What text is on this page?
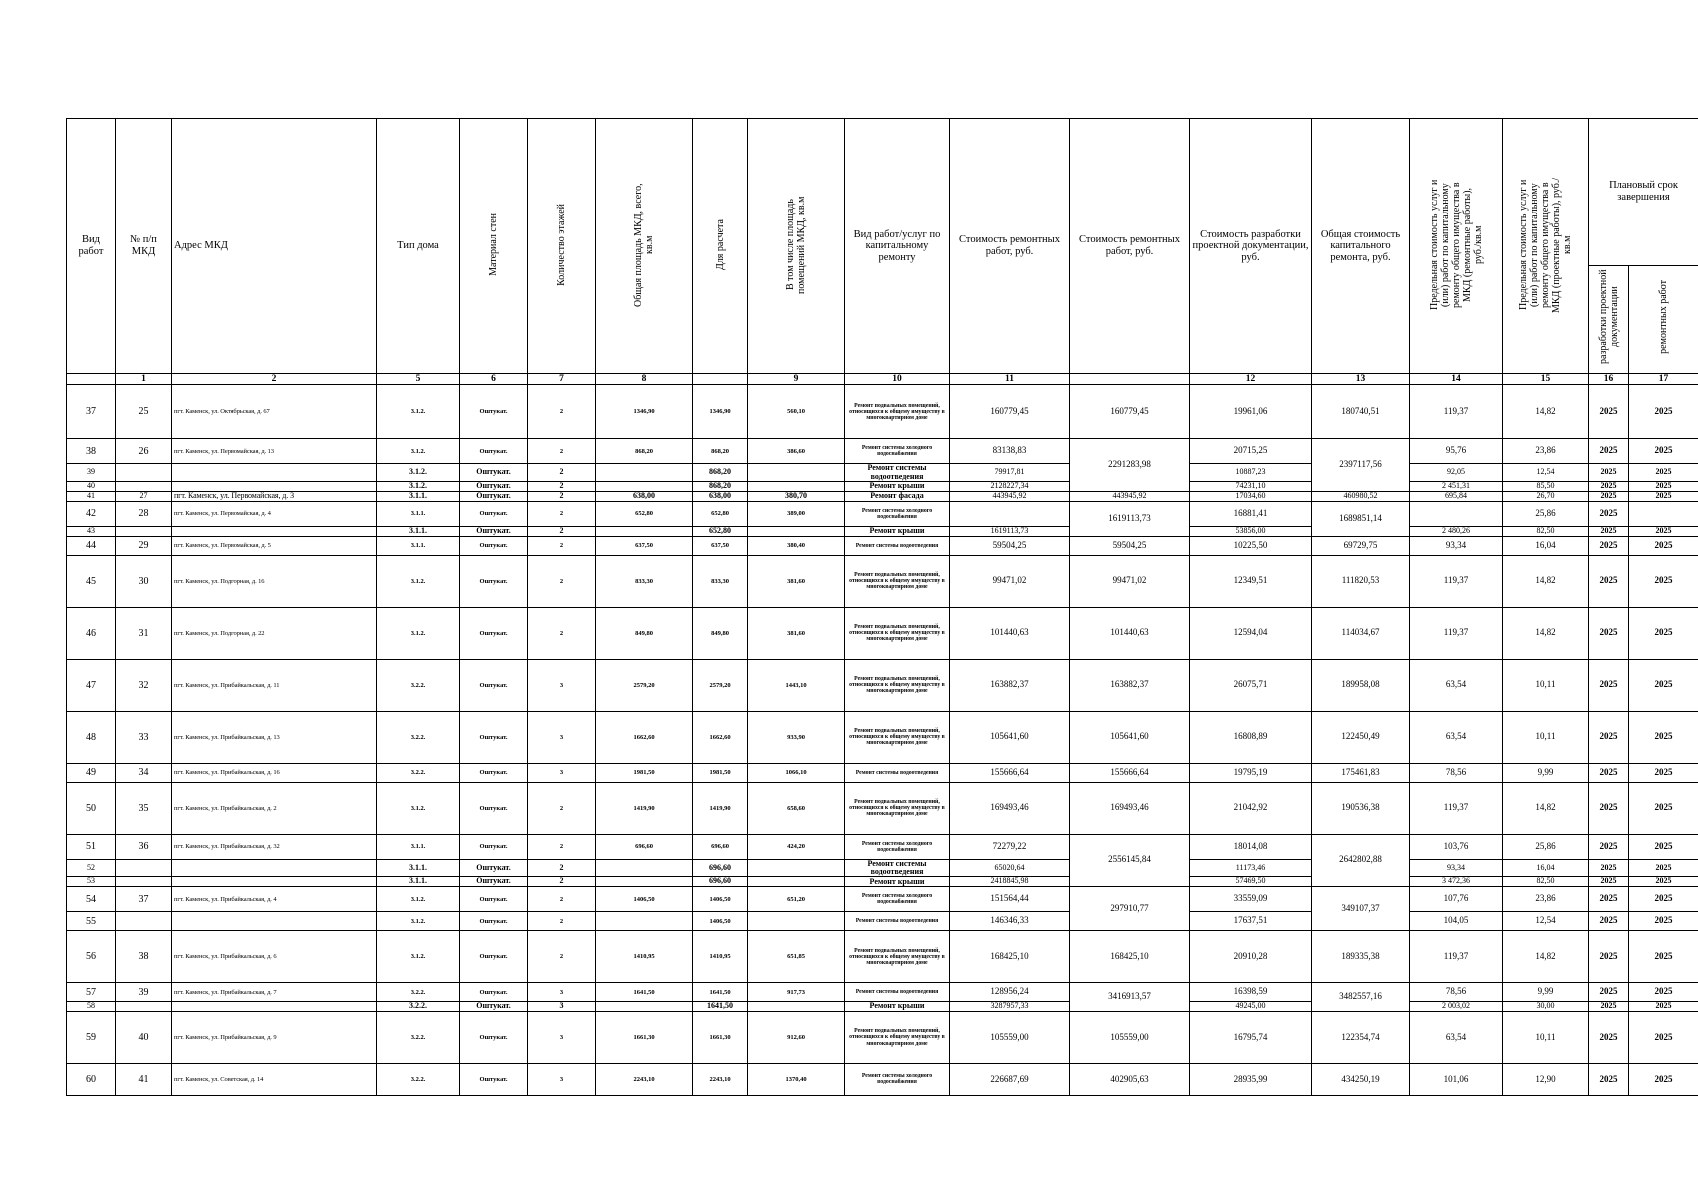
Вид работ	№ п/п МКД	Адрес МКД	Тип дома	Материал стен	Количество этажей	Общая площадь МКД, всего, кв.м	Для расчета	В том числе площадь помещений МКД, кв.м	Вид работ/услуг по капитальному ремонту	Стоимость ремонтных работ, руб.	Стоимость ремонтных работ, руб.	Стоимость разработки проектной документации, руб.	Общая стоимость капитального ремонта, руб.	Предельная стоимость услуг и (или) работ по капитальному ремонту общего имущества в МКД (ремонтные работы), руб./кв.м	Предельная стоимость услуг и (или) работ по капитальному ремонту общего имущества в МКД (проектные работы), руб./кв.м	Плановый срок завершения	
																разработки проектной документации	ремонтных работ
	1	2	5	6	7	8		9	10	11		12	13	14	15	16	17
37	25	пгт. Каменск, ул. Октябрьская, д. 67	3.1.2.	Оштукат.	2	1346,90	1346,90	560,10	Ремонт подвальных помещений, относящихся к общему имуществу в многоквартирном доме	160779,45	160779,45	19961,06	180740,51	119,37	14,82	2025	2025
38	26	пгт. Каменск, ул. Первомайская, д. 13	3.1.2.	Оштукат.	2	868,20	868,20	386,60	Ремонт системы холодного водоснабжения	83138,83	2291283,98	20715,25	2397117,56	95,76	23,86	2025	2025
39			3.1.2.	Оштукат.	2		868,20		Ремонт системы водоотведения	79917,81		10887,23		92,05	12,54	2025	2025
40			3.1.2.	Оштукат.	2		868,20		Ремонт крыши	2128227,34		74231,10		2 451,31	85,50	2025	2025
41	27	пгт. Каменск, ул. Первомайская, д. 3	3.1.1.	Оштукат.	2	638,00	638,00	380,70	Ремонт фасада	443945,92	443945,92	17034,60	460980,52	695,84	26,70	2025	2025
42	28	пгт. Каменск, ул. Первомайская, д. 4	3.1.1.	Оштукат.	2	652,80	652,80	389,00	Ремонт системы холодного водоснабжения		1619113,73	16881,41	1689851,14		25,86	2025	
43			3.1.1.	Оштукат.	2		652,80		Ремонт крыши	1619113,73		53856,00		2 480,26	82,50	2025	2025
44	29	пгт. Каменск, ул. Первомайская, д. 5	3.1.1.	Оштукат.	2	637,50	637,50	380,40	Ремонт системы водоотведения	59504,25	59504,25	10225,50	69729,75	93,34	16,04	2025	2025
45	30	пгт. Каменск, ул. Подгорная, д. 16	3.1.2.	Оштукат.	2	833,30	833,30	381,60	Ремонт подвальных помещений, относящихся к общему имуществу в многоквартирном доме	99471,02	99471,02	12349,51	111820,53	119,37	14,82	2025	2025
46	31	пгт. Каменск, ул. Подгорная, д. 22	3.1.2.	Оштукат.	2	849,80	849,80	381,60	Ремонт подвальных помещений, относящихся к общему имуществу в многоквартирном доме	101440,63	101440,63	12594,04	114034,67	119,37	14,82	2025	2025
47	32	пгт. Каменск, ул. Прибайкальская, д. 11	3.2.2.	Оштукат.	3	2579,20	2579,20	1443,10	Ремонт подвальных помещений, относящихся к общему имуществу в многоквартирном доме	163882,37	163882,37	26075,71	189958,08	63,54	10,11	2025	2025
48	33	пгт. Каменск, ул. Прибайкальская, д. 13	3.2.2.	Оштукат.	3	1662,60	1662,60	933,90	Ремонт подвальных помещений, относящихся к общему имуществу в многоквартирном доме	105641,60	105641,60	16808,89	122450,49	63,54	10,11	2025	2025
49	34	пгт. Каменск, ул. Прибайкальская, д. 16	3.2.2.	Оштукат.	3	1981,50	1981,50	1066,10	Ремонт системы водоотведения	155666,64	155666,64	19795,19	175461,83	78,56	9,99	2025	2025
50	35	пгт. Каменск, ул. Прибайкальская, д. 2	3.1.2.	Оштукат.	2	1419,90	1419,90	658,60	Ремонт подвальных помещений, относящихся к общему имуществу в многоквартирном доме	169493,46	169493,46	21042,92	190536,38	119,37	14,82	2025	2025
51	36	пгт. Каменск, ул. Прибайкальская, д. 32	3.1.1.	Оштукат.	2	696,60	696,60	424,20	Ремонт системы холодного водоснабжения	72279,22	2556145,84	18014,08	2642802,88	103,76	25,86	2025	2025
52			3.1.1.	Оштукат.	2		696,60		Ремонт системы водоотведения	65020,64		11173,46		93,34	16,04	2025	2025
53			3.1.1.	Оштукат.	2		696,60		Ремонт крыши	2418845,98		57469,50		3 472,36	82,50	2025	2025
54	37	пгт. Каменск, ул. Прибайкальская, д. 4	3.1.2.	Оштукат.	2	1406,50	1406,50	651,20	Ремонт системы холодного водоснабжения	151564,44	297910,77	33559,09	349107,37	107,76	23,86	2025	2025
55			3.1.2.	Оштукат.	2		1406,50		Ремонт системы водоотведения	146346,33		17637,51		104,05	12,54	2025	2025
56	38	пгт. Каменск, ул. Прибайкальская, д. 6	3.1.2.	Оштукат.	2	1410,95	1410,95	651,85	Ремонт подвальных помещений, относящихся к общему имуществу в многоквартирном доме	168425,10	168425,10	20910,28	189335,38	119,37	14,82	2025	2025
57	39	пгт. Каменск, ул. Прибайкальская, д. 7	3.2.2.	Оштукат.	3	1641,50	1641,50	917,73	Ремонт системы водоотведения	128956,24	3416913,57	16398,59	3482557,16	78,56	9,99	2025	2025
58			3.2.2.	Оштукат.	3		1641,50		Ремонт крыши	3287957,33		49245,00		2 003,02	30,00	2025	2025
59	40	пгт. Каменск, ул. Прибайкальская, д. 9	3.2.2.	Оштукат.	3	1661,30	1661,30	912,60	Ремонт подвальных помещений, относящихся к общему имуществу в многоквартирном доме	105559,00	105559,00	16795,74	122354,74	63,54	10,11	2025	2025
60	41	пгт. Каменск, ул. Советская, д. 14	3.2.2.	Оштукат.	3	2243,10	2243,10	1370,40	Ремонт системы холодного водоснабжения	226687,69	402905,63	28935,99	434250,19	101,06	12,90	2025	2025
